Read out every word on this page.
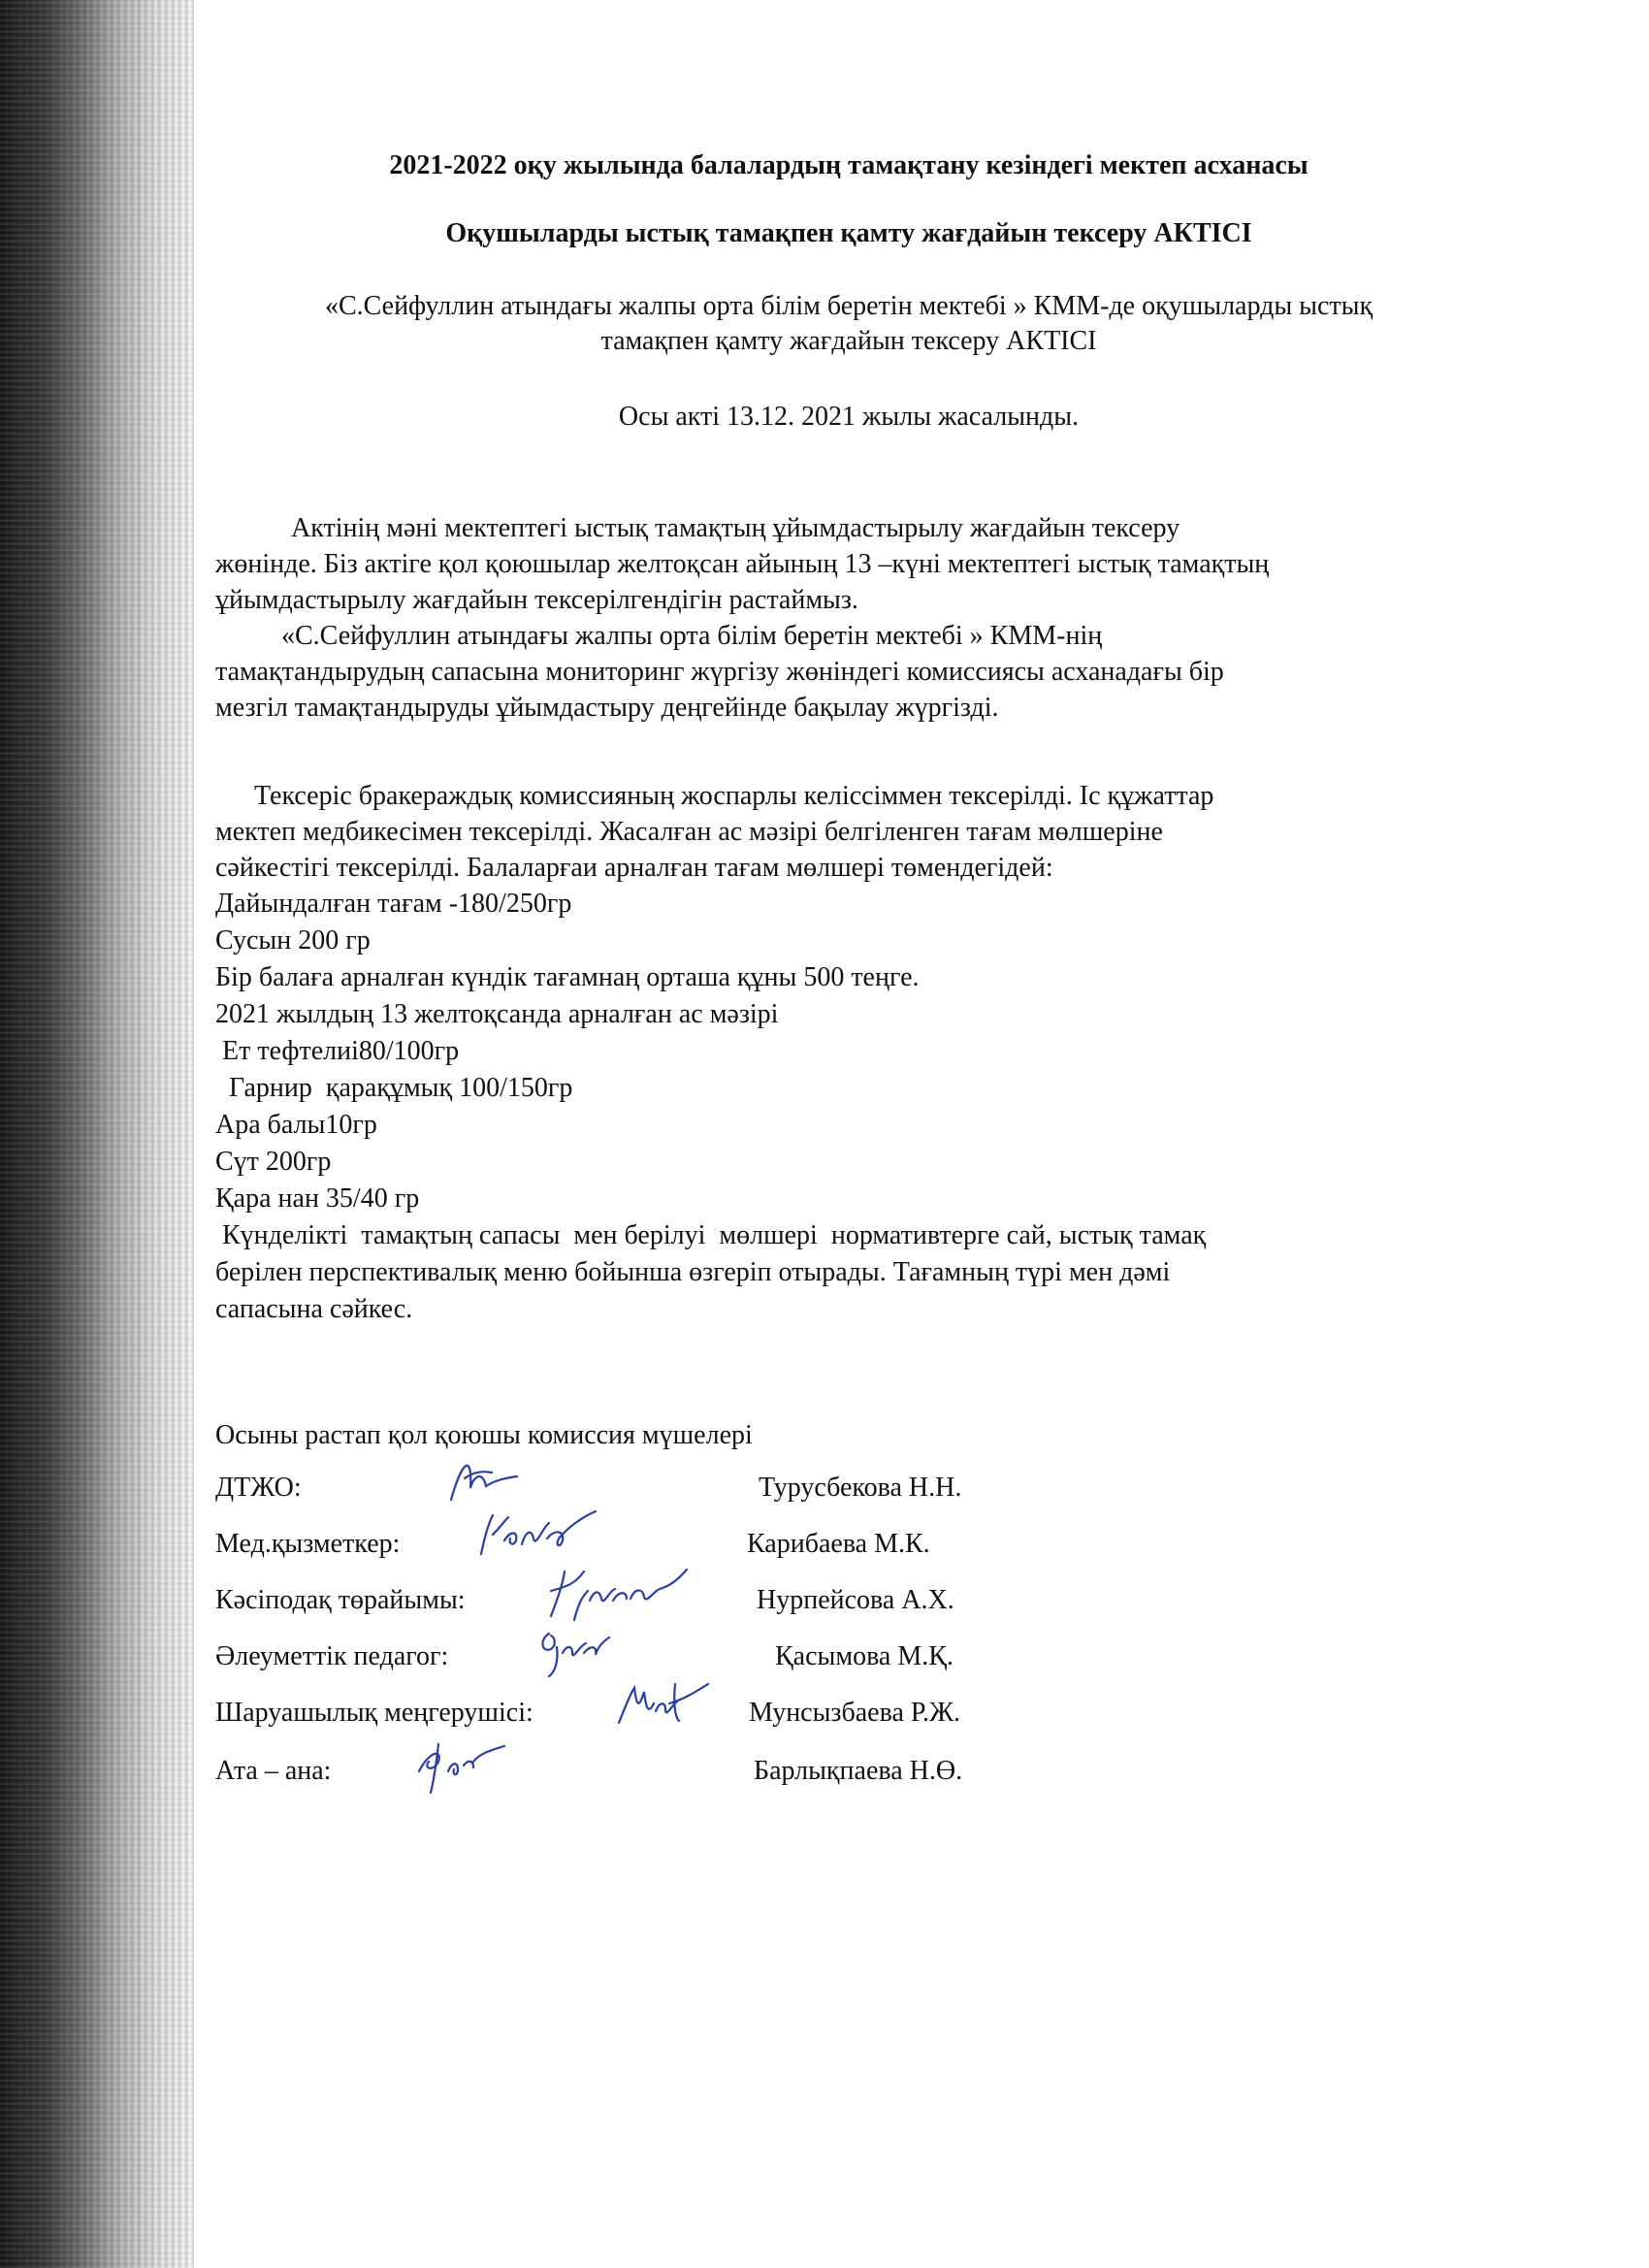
2021-2022 оқу жылында балалардың тамақтану кезіндегі мектеп асханасы
Оқушыларды ыстық тамақпен қамту жағдайын тексеру АКТІСІ
«С.Сейфуллин атындағы жалпы орта білім беретін мектебі » КММ-де оқушыларды ыстық
тамақпен қамту жағдайын тексеру АКТІСІ
Осы акті 13.12. 2021 жылы жасалынды.
Актінің мәні мектептегі ыстық тамақтың ұйымдастырылу жағдайын тексеру
жөнінде. Біз актіге қол қоюшылар желтоқсан айының 13 –күні мектептегі ыстық тамақтың
ұйымдастырылу жағдайын тексерілгендігін растаймыз.
«С.Сейфуллин атындағы жалпы орта білім беретін мектебі » КММ-нің
тамақтандырудың сапасына мониторинг жүргізу жөніндегі комиссиясы асханадағы бір
мезгіл тамақтандыруды ұйымдастыру деңгейінде бақылау жүргізді.
Тексеріс бракераждық комиссияның жоспарлы келіссіммен тексерілді. Іс құжаттар
мектеп медбикесімен тексерілді. Жасалған ас мәзірі белгіленген тағам мөлшеріне
сәйкестігі тексерілді. Балаларғаи арналған тағам мөлшері төмендегідей:
Дайындалған тағам -180/250гр
Сусын 200 гр
Бір балаға арналған күндік тағамнаң орташа құны 500 теңге.
2021 жылдың 13 желтоқсанда арналған ас мәзірі
Ет тефтелиі80/100гр
Гарнир  қарақұмық 100/150гр
Ара балы10гр
Сүт 200гр
Қара нан 35/40 гр
Күнделікті  тамақтың сапасы  мен берілуі  мөлшері  нормативтерге сай, ыстық тамақ
берілен перспективалық меню бойынша өзгеріп отырады. Тағамның түрі мен дәмі
сапасына сәйкес.
Осыны растап қол қоюшы комиссия мүшелері
ДТЖО:	Турусбекова Н.Н.
Мед.қызметкер:	Карибаева М.К.
Кәсіподақ төрайымы:	Нурпейсова А.Х.
Әлеуметтік педагог:	Қасымова М.Қ.
Шаруашылық меңгерушісі:	Мунсызбаева Р.Ж.
Ата – ана:	Барлықпаева Н.Ө.
